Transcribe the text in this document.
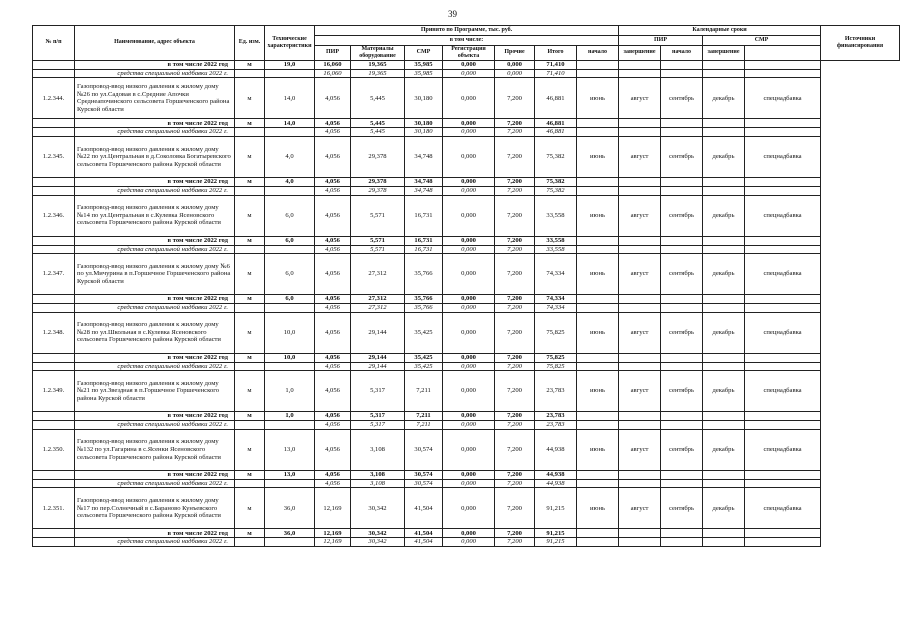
39
№ п/п	Наименование, адрес объекта	Ед. изм.	Технические характеристики	Принято по Программе, тыс. руб.							Календарные сроки				Источники финансирования
				в том числе:							ПИР		СМР		
				ПИР	Материалы оборудование	СМР	Регистрация объекта	Прочие	Итого						
										начало	завершение	начало	завершение		
	в том числе 2022 год	м	19,0	16,060	19,365	35,985	0,000	0,000	71,410						
	средства специальной надбавки 2022 г.			16,060	19,365	35,985	0,000	0,000	71,410						
1.2.344.	Газопровод-ввод низкого давления к жилому дому №26 по ул.Садовая в с.Средние Апочки Среднеапочинского сельсовета Горшеченского района Курской области	м	14,0	4,056	5,445	30,180	0,000	7,200	46,881	июнь	август	сентябрь	декабрь	спецнадбавка	
	в том числе 2022 год	м	14,0	4,056	5,445	30,180	0,000	7,200	46,881						
	средства специальной надбавки 2022 г.			4,056	5,445	30,180	0,000	7,200	46,881						
1.2.345.	Газопровод-ввод низкого давления к жилому дому №22 по ул.Центральная в д.Соколовка Богатыревского сельсовета Горшеченского района Курской области	м	4,0	4,056	29,378	34,748	0,000	7,200	75,382	июнь	август	сентябрь	декабрь	спецнадбавка	
	в том числе 2022 год	м	4,0	4,056	29,378	34,748	0,000	7,200	75,382						
	средства специальной надбавки 2022 г.			4,056	29,378	34,748	0,000	7,200	75,382						
1.2.346.	Газопровод-ввод низкого давления к жилому дому №14 по ул.Центральная в с.Кулевка Ясеновского сельсовета Горшеченского района Курской области	м	6,0	4,056	5,571	16,731	0,000	7,200	33,558	июнь	август	сентябрь	декабрь	спецнадбавка	
	в том числе 2022 год	м	6,0	4,056	5,571	16,731	0,000	7,200	33,558						
	средства специальной надбавки 2022 г.			4,056	5,571	16,731	0,000	7,200	33,558						
1.2.347.	Газопровод-ввод низкого давления к жилому дому №6 по ул.Мичурина в п.Горшечное Горшеченского района Курской области	м	6,0	4,056	27,312	35,766	0,000	7,200	74,334	июнь	август	сентябрь	декабрь	спецнадбавка	
	в том числе 2022 год	м	6,0	4,056	27,312	35,766	0,000	7,200	74,334						
	средства специальной надбавки 2022 г.			4,056	27,312	35,766	0,000	7,200	74,334						
1.2.348.	Газопровод-ввод низкого давления к жилому дому №28 по ул.Школьная в с.Кулевка Ясеновского сельсовета Горшеченского района Курской области	м	10,0	4,056	29,144	35,425	0,000	7,200	75,825	июнь	август	сентябрь	декабрь	спецнадбавка	
	в том числе 2022 год	м	10,0	4,056	29,144	35,425	0,000	7,200	75,825						
	средства специальной надбавки 2022 г.			4,056	29,144	35,425	0,000	7,200	75,825						
1.2.349.	Газопровод-ввод низкого давления к жилому дому №21 по ул.Звездная в п.Горшечное Горшеченского района Курской области	м	1,0	4,056	5,317	7,211	0,000	7,200	23,783	июнь	август	сентябрь	декабрь	спецнадбавка	
	в том числе 2022 год	м	1,0	4,056	5,317	7,211	0,000	7,200	23,783						
	средства специальной надбавки 2022 г.			4,056	5,317	7,211	0,000	7,200	23,783						
1.2.350.	Газопровод-ввод низкого давления к жилому дому №132 по ул.Гагарина в с.Ясенки Ясеновского сельсовета Горшеченского района Курской области	м	13,0	4,056	3,108	30,574	0,000	7,200	44,938	июнь	август	сентябрь	декабрь	спецнадбавка	
	в том числе 2022 год	м	13,0	4,056	3,108	30,574	0,000	7,200	44,938						
	средства специальной надбавки 2022 г.			4,056	3,108	30,574	0,000	7,200	44,938						
1.2.351.	Газопровод-ввод низкого давления к жилому дому №17 по пер.Солнечный в с.Бараново Кунъевского сельсовета Горшеченского района Курской области	м	36,0	12,169	30,342	41,504	0,000	7,200	91,215	июнь	август	сентябрь	декабрь	спецнадбавка	
	в том числе 2022 год	м	36,0	12,169	30,342	41,504	0,000	7,200	91,215						
	средства специальной надбавки 2022 г.			12,169	30,342	41,504	0,000	7,200	91,215						
